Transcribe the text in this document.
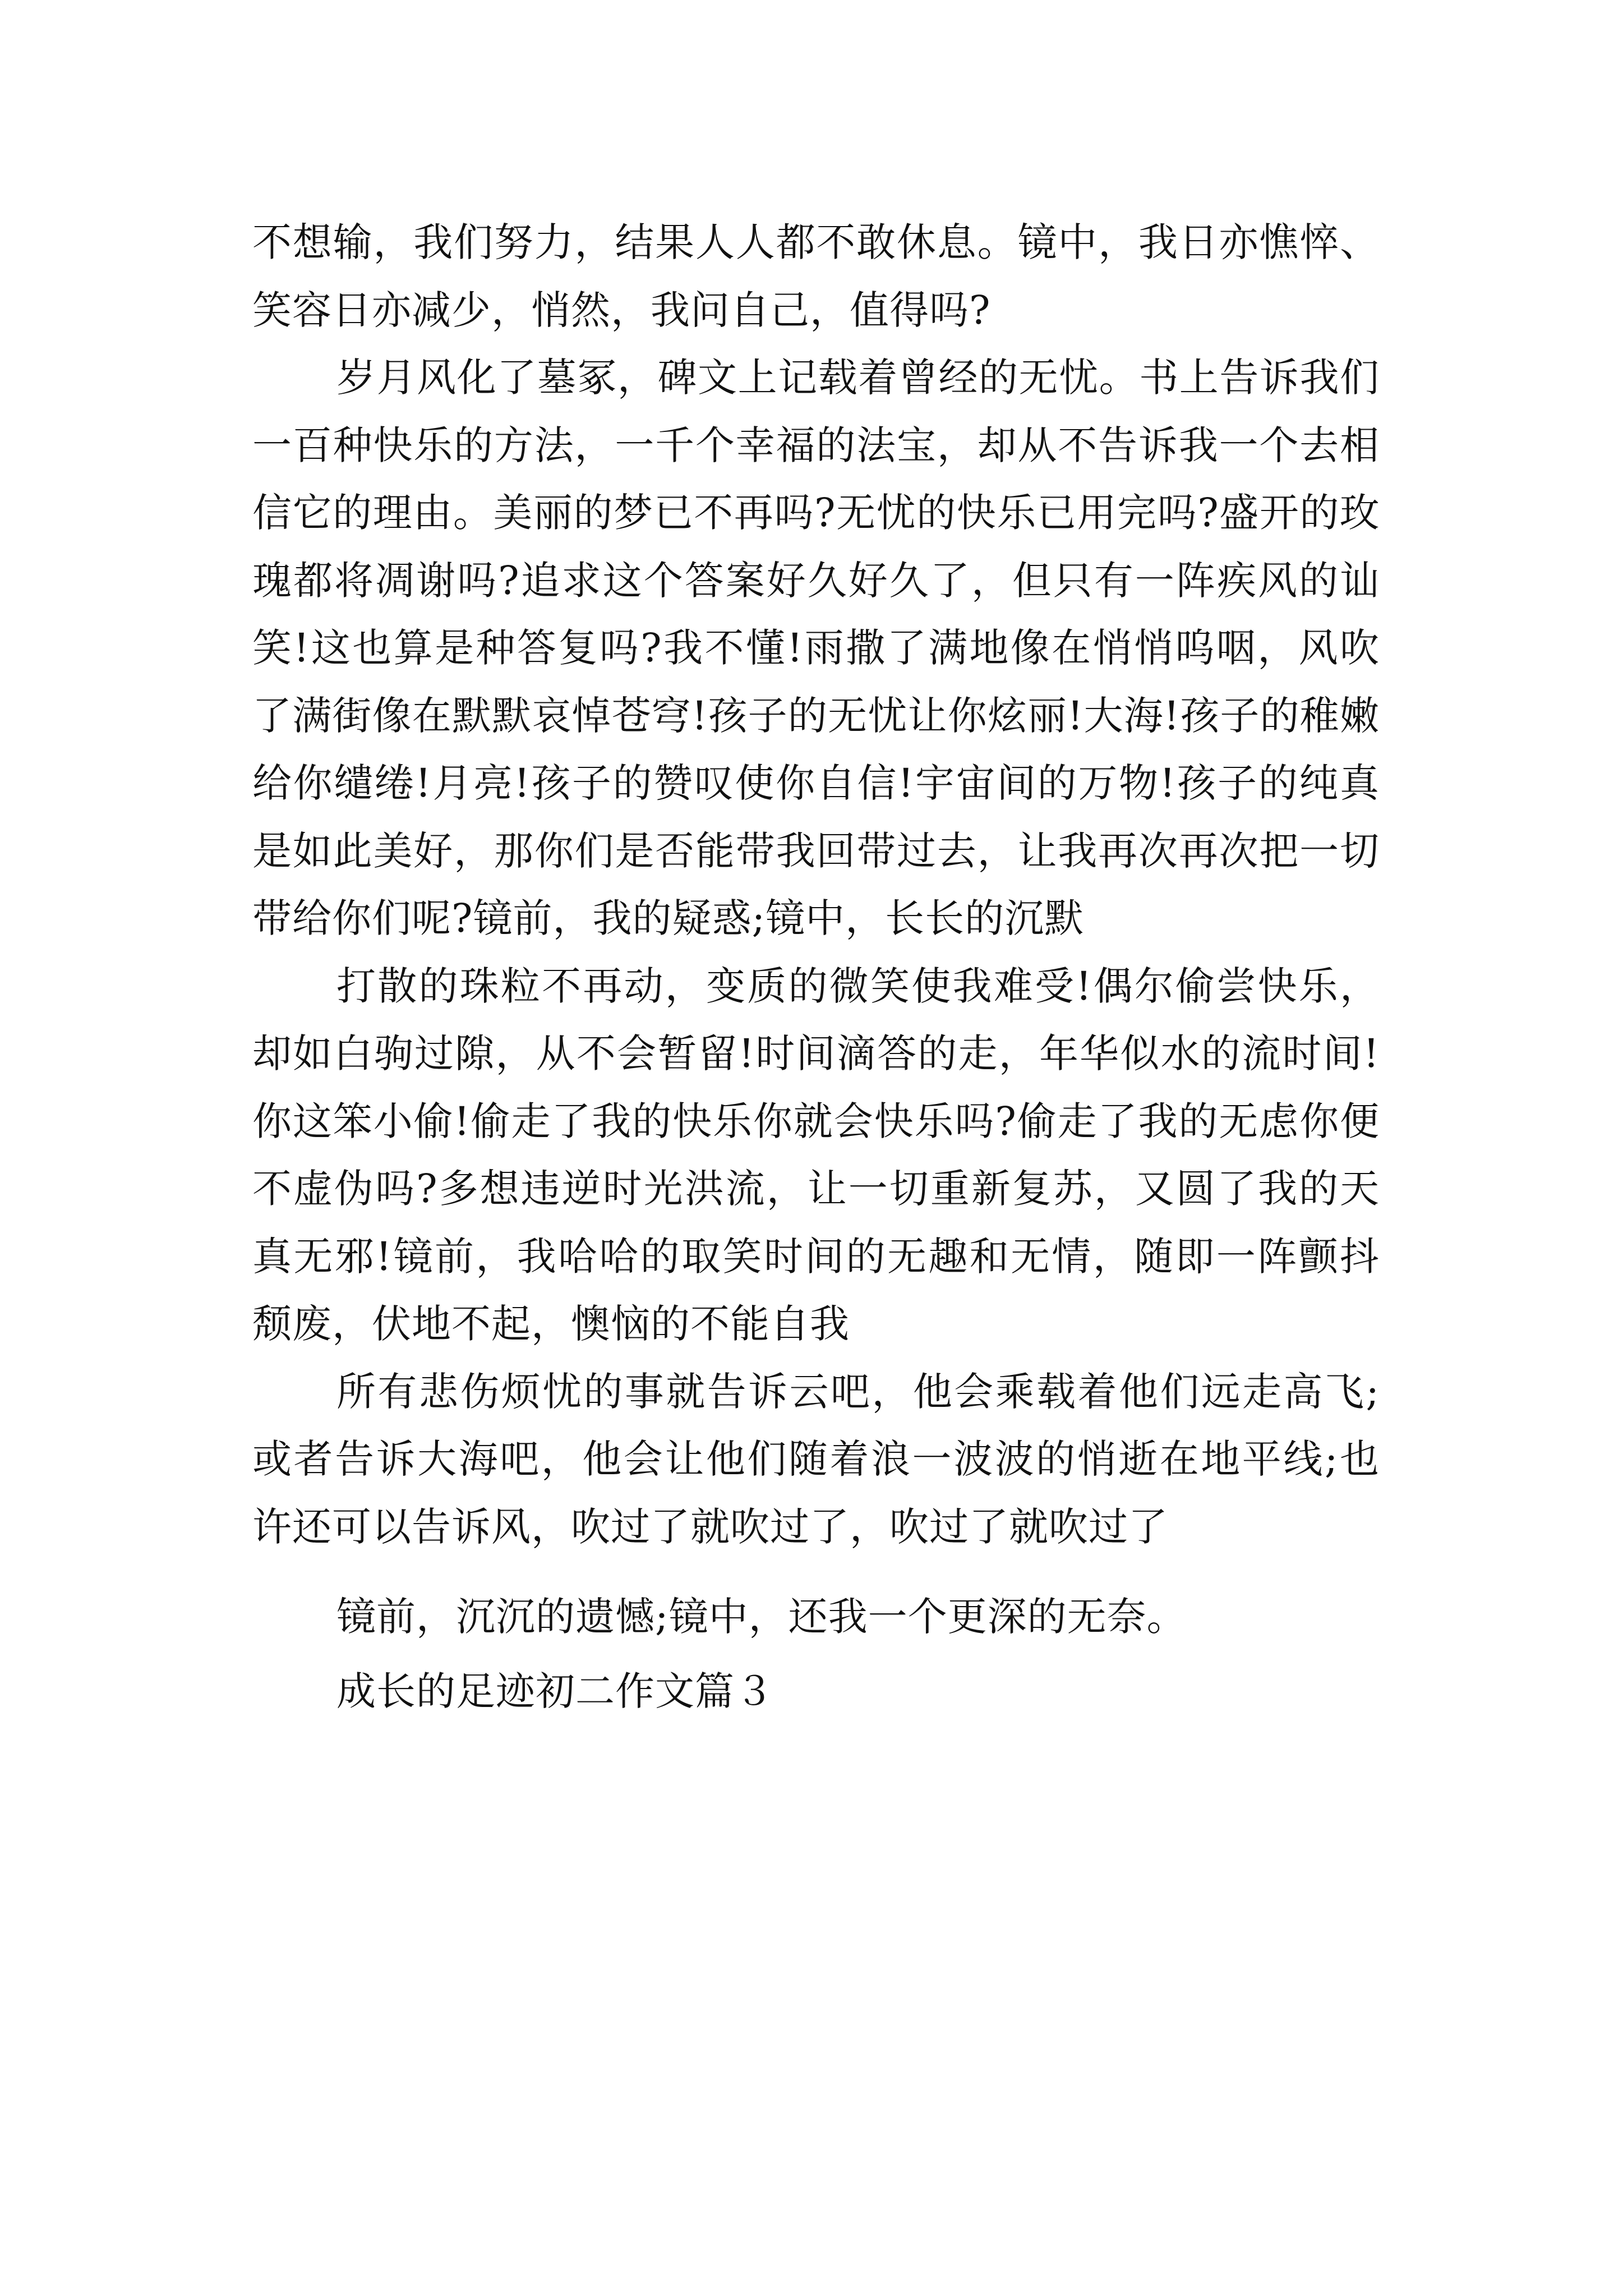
不想输，我们努力，结果人人都不敢休息。镜中，我日亦憔悴、笑容日亦减少，悄然，我问自己，值得吗?

岁月风化了墓冢，碑文上记载着曾经的无忧。书上告诉我们一百种快乐的方法，一千个幸福的法宝，却从不告诉我一个去相信它的理由。美丽的梦已不再吗?无忧的快乐已用完吗?盛开的玫瑰都将凋谢吗?追求这个答案好久好久了，但只有一阵疾风的讪笑!这也算是种答复吗?我不懂!雨撒了满地像在悄悄呜咽，风吹了满街像在默默哀悼苍穹!孩子的无忧让你炫丽!大海!孩子的稚嫩给你缱绻!月亮!孩子的赞叹使你自信!宇宙间的万物!孩子的纯真是如此美好，那你们是否能带我回带过去，让我再次再次把一切带给你们呢?镜前，我的疑惑;镜中，长长的沉默

打散的珠粒不再动，变质的微笑使我难受!偶尔偷尝快乐，却如白驹过隙，从不会暂留!时间滴答的走，年华似水的流时间!你这笨小偷!偷走了我的快乐你就会快乐吗?偷走了我的无虑你便不虚伪吗?多想违逆时光洪流，让一切重新复苏，又圆了我的天真无邪!镜前，我哈哈的取笑时间的无趣和无情，随即一阵颤抖颓废，伏地不起，懊恼的不能自我

所有悲伤烦忧的事就告诉云吧，他会乘载着他们远走高飞;或者告诉大海吧，他会让他们随着浪一波波的悄逝在地平线;也许还可以告诉风，吹过了就吹过了，吹过了就吹过了

镜前，沉沉的遗憾;镜中，还我一个更深的无奈。

成长的足迹初二作文篇３
